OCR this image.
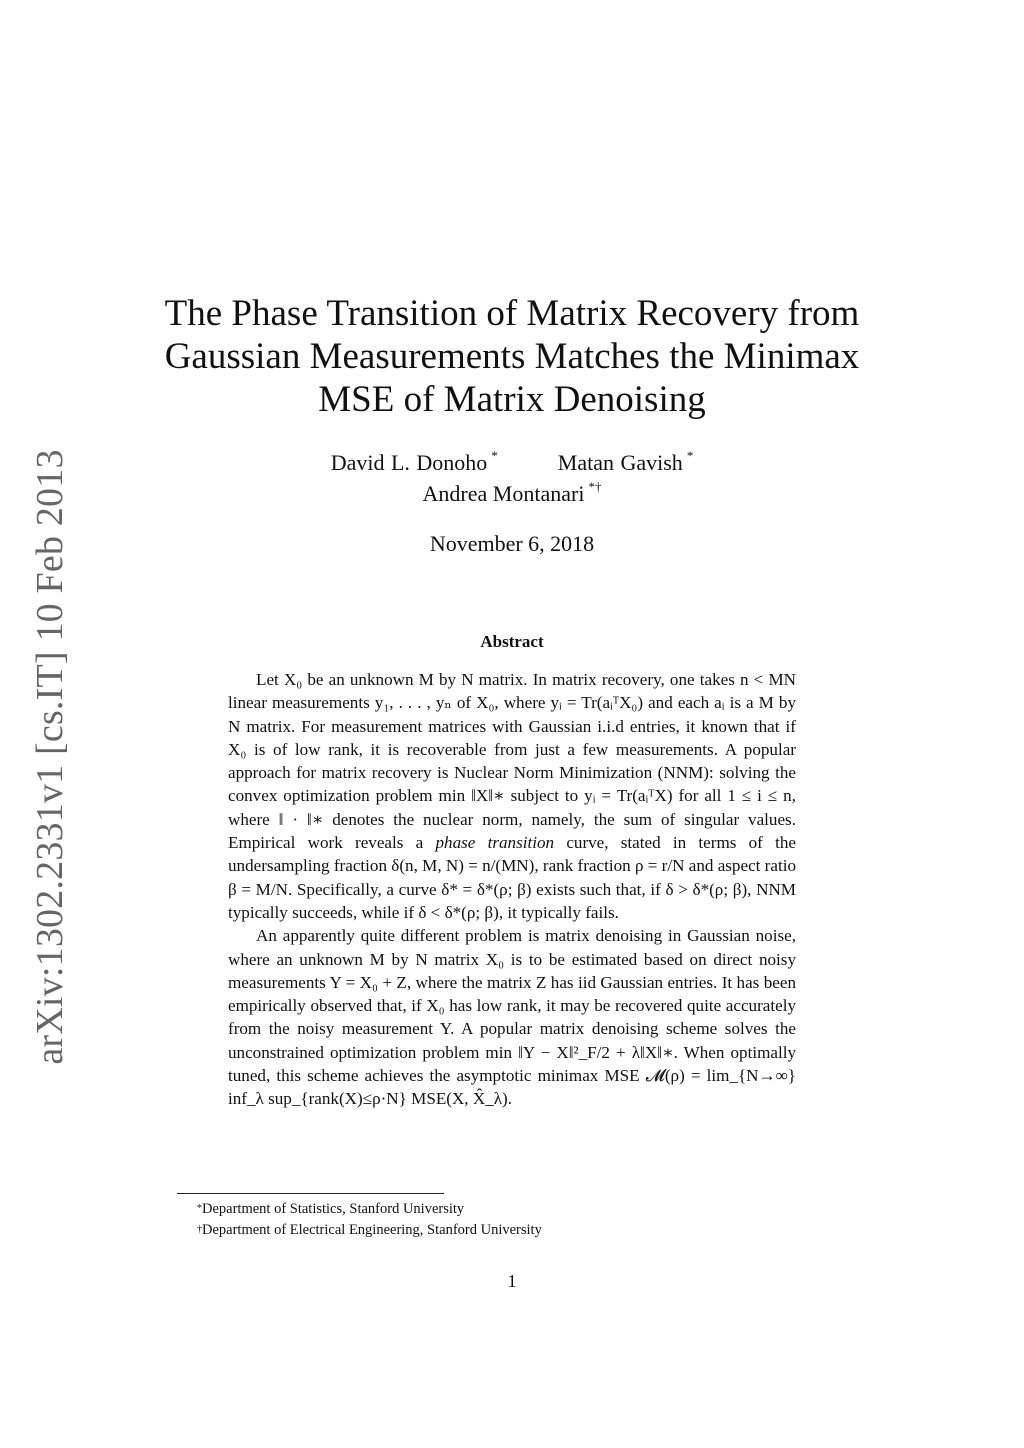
arXiv:1302.2331v1 [cs.IT] 10 Feb 2013
The Phase Transition of Matrix Recovery from
Gaussian Measurements Matches the Minimax
MSE of Matrix Denoising
David L. Donoho *	Matan Gavish *
Andrea Montanari *†
November 6, 2018
Abstract

Let X₀ be an unknown M by N matrix. In matrix recovery, one takes n < MN linear measurements y₁, . . . , yₙ of X₀, where yᵢ = Tr(aᵢᵀX₀) and each aᵢ is a M by N matrix. For measurement matrices with Gaussian i.i.d entries, it known that if X₀ is of low rank, it is recoverable from just a few measurements. A popular approach for matrix recovery is Nuclear Norm Minimization (NNM): solving the convex optimization problem min ‖X‖∗ subject to yᵢ = Tr(aᵢᵀX) for all 1 ≤ i ≤ n, where ‖ · ‖∗ denotes the nuclear norm, namely, the sum of singular values. Empirical work reveals a phase transition curve, stated in terms of the undersampling fraction δ(n, M, N) = n/(MN), rank fraction ρ = r/N and aspect ratio β = M/N. Specifically, a curve δ* = δ*(ρ; β) exists such that, if δ > δ*(ρ; β), NNM typically succeeds, while if δ < δ*(ρ; β), it typically fails.

An apparently quite different problem is matrix denoising in Gaussian noise, where an unknown M by N matrix X₀ is to be estimated based on direct noisy measurements Y = X₀ + Z, where the matrix Z has iid Gaussian entries. It has been empirically observed that, if X₀ has low rank, it may be recovered quite accurately from the noisy measurement Y. A popular matrix denoising scheme solves the unconstrained optimization problem min ‖Y − X‖²_F/2 + λ‖X‖∗. When optimally tuned, this scheme achieves the asymptotic minimax MSE 𝓜(ρ) = lim_{N→∞} inf_λ sup_{rank(X)≤ρ·N} MSE(X, X̂_λ).

*Department of Statistics, Stanford University
†Department of Electrical Engineering, Stanford University
1
